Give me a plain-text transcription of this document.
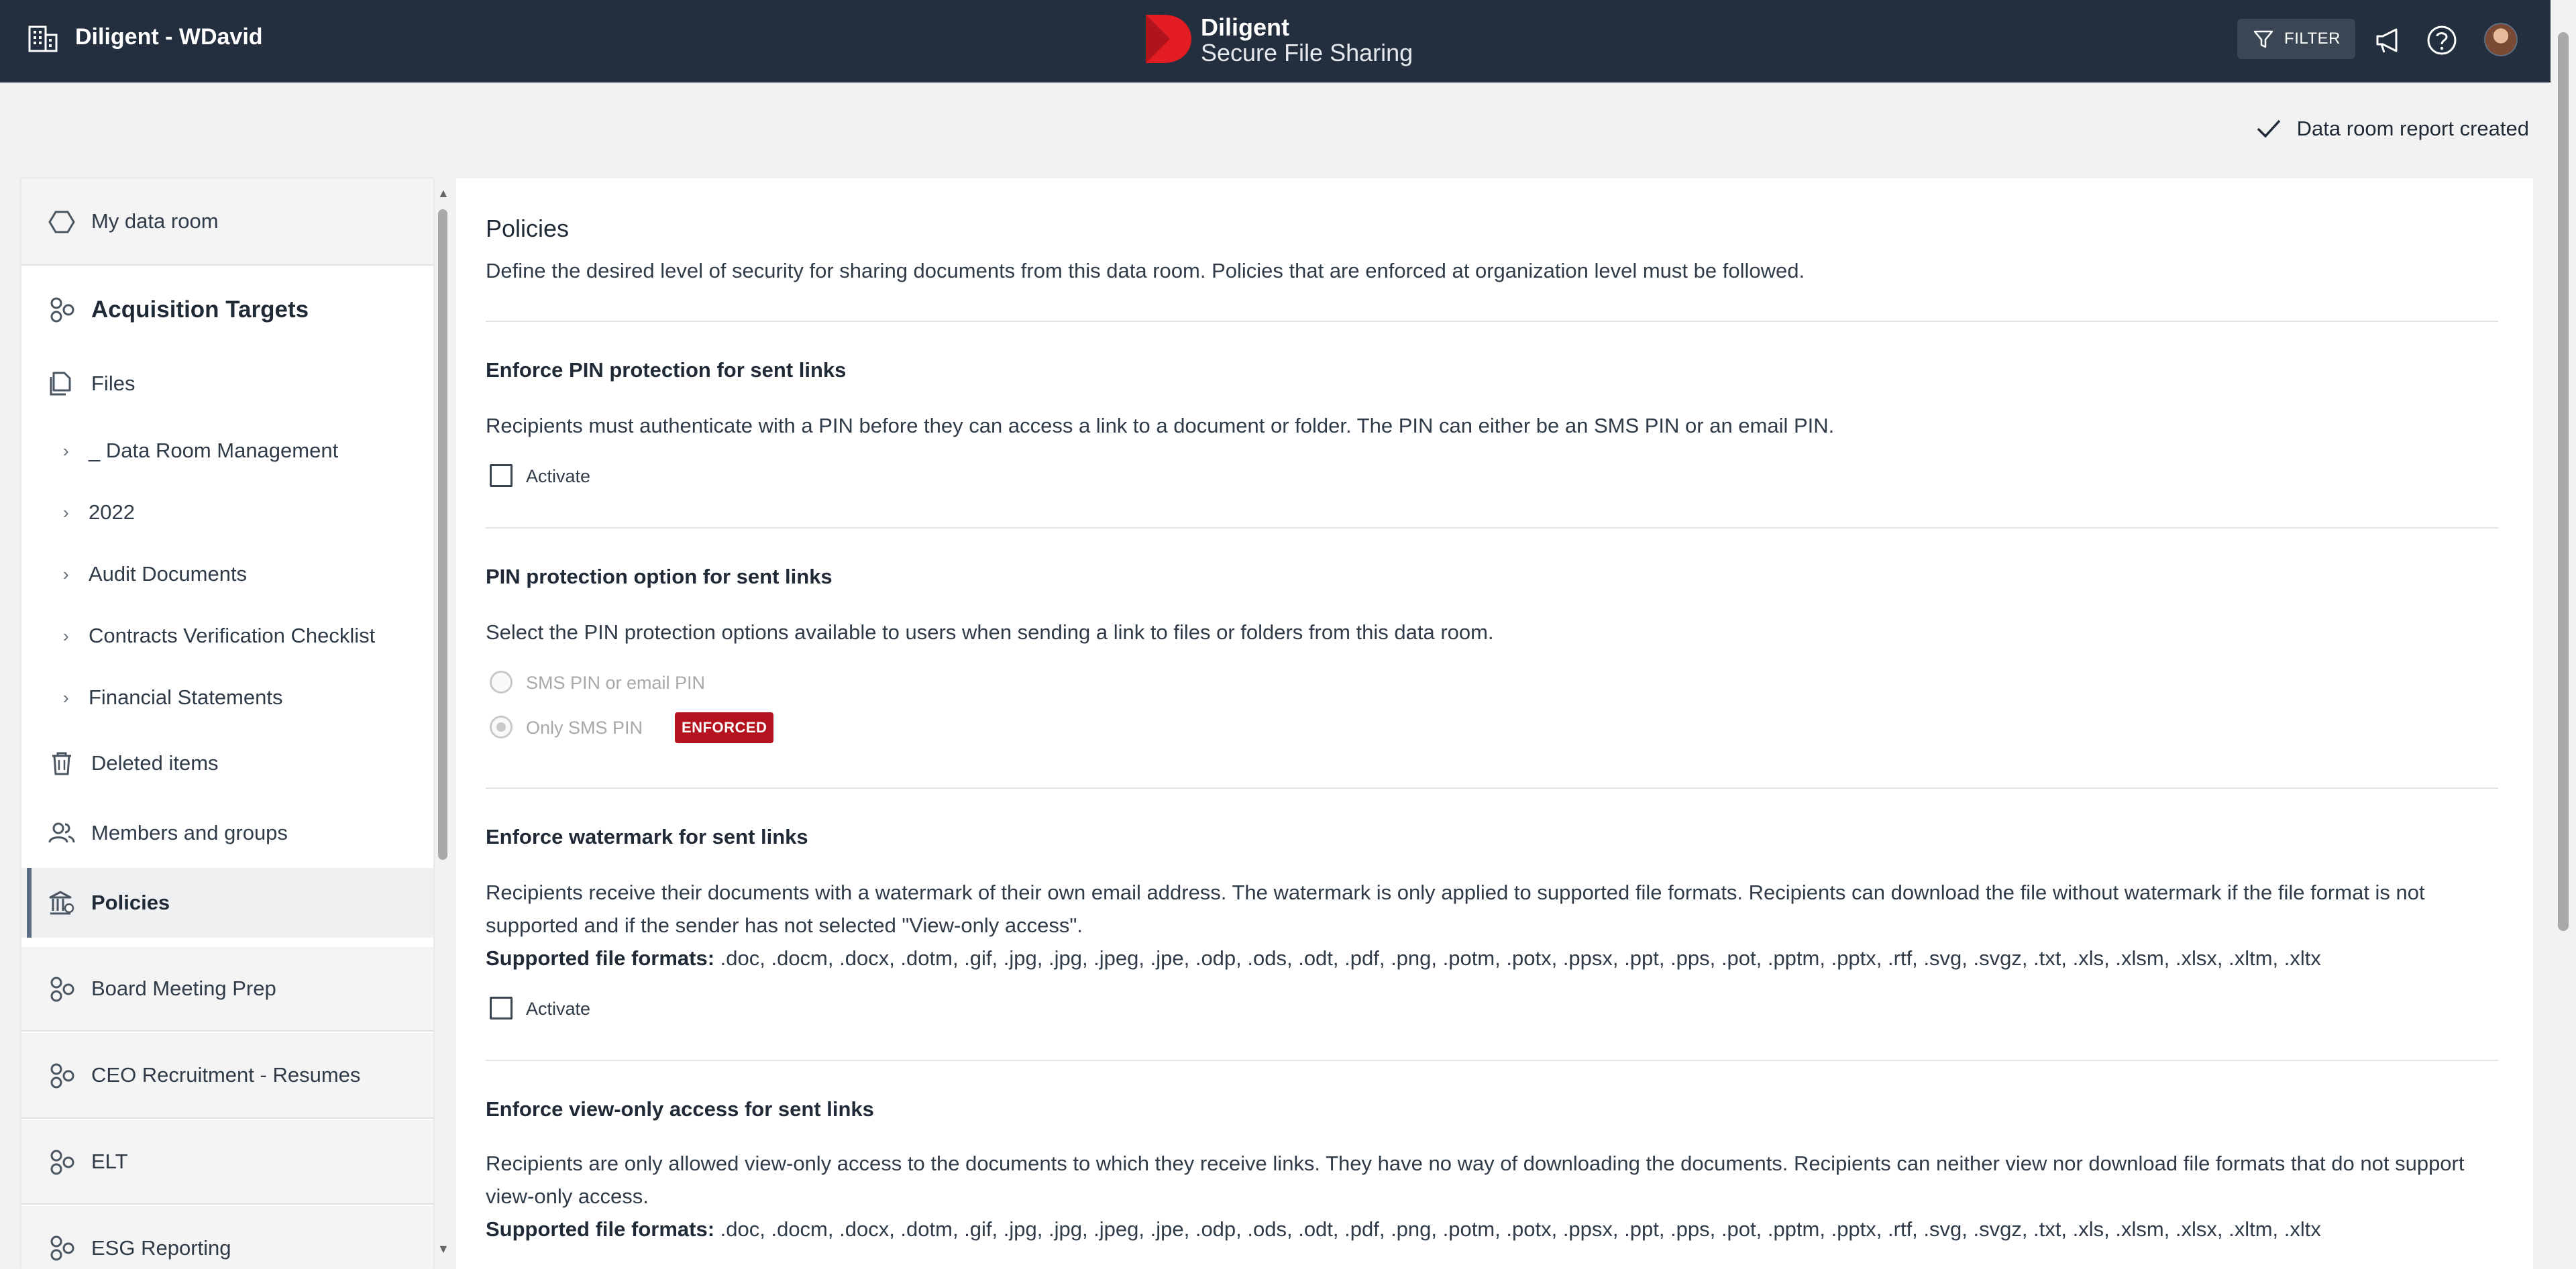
Diligent - WDavid	Diligent
Secure File Sharing
FILTER
Data room report created
My data room
Acquisition Targets
Files
› _ Data Room Management
› 2022
› Audit Documents
› Contracts Verification Checklist
› Financial Statements
Deleted items
Members and groups
Policies
Board Meeting Prep
CEO Recruitment - Resumes
ELT
ESG Reporting
▲
▼
Policies
Define the desired level of security for sharing documents from this data room. Policies that are enforced at organization level must be followed.
Enforce PIN protection for sent links
Recipients must authenticate with a PIN before they can access a link to a document or folder. The PIN can either be an SMS PIN or an email PIN.
Activate
PIN protection option for sent links
Select the PIN protection options available to users when sending a link to files or folders from this data room.
SMS PIN or email PIN
Only SMS PIN	ENFORCED
Enforce watermark for sent links
Recipients receive their documents with a watermark of their own email address. The watermark is only applied to supported file formats. Recipients can download the file without watermark if the file format is not
supported and if the sender has not selected "View-only access".
Supported file formats: .doc, .docm, .docx, .dotm, .gif, .jpg, .jpg, .jpeg, .jpe, .odp, .ods, .odt, .pdf, .png, .potm, .potx, .ppsx, .ppt, .pps, .pot, .pptm, .pptx, .rtf, .svg, .svgz, .txt, .xls, .xlsm, .xlsx, .xltm, .xltx
Activate
Enforce view-only access for sent links
Recipients are only allowed view-only access to the documents to which they receive links. They have no way of downloading the documents. Recipients can neither view nor download file formats that do not support
view-only access.
Supported file formats: .doc, .docm, .docx, .dotm, .gif, .jpg, .jpg, .jpeg, .jpe, .odp, .ods, .odt, .pdf, .png, .potm, .potx, .ppsx, .ppt, .pps, .pot, .pptm, .pptx, .rtf, .svg, .svgz, .txt, .xls, .xlsm, .xlsx, .xltm, .xltx
